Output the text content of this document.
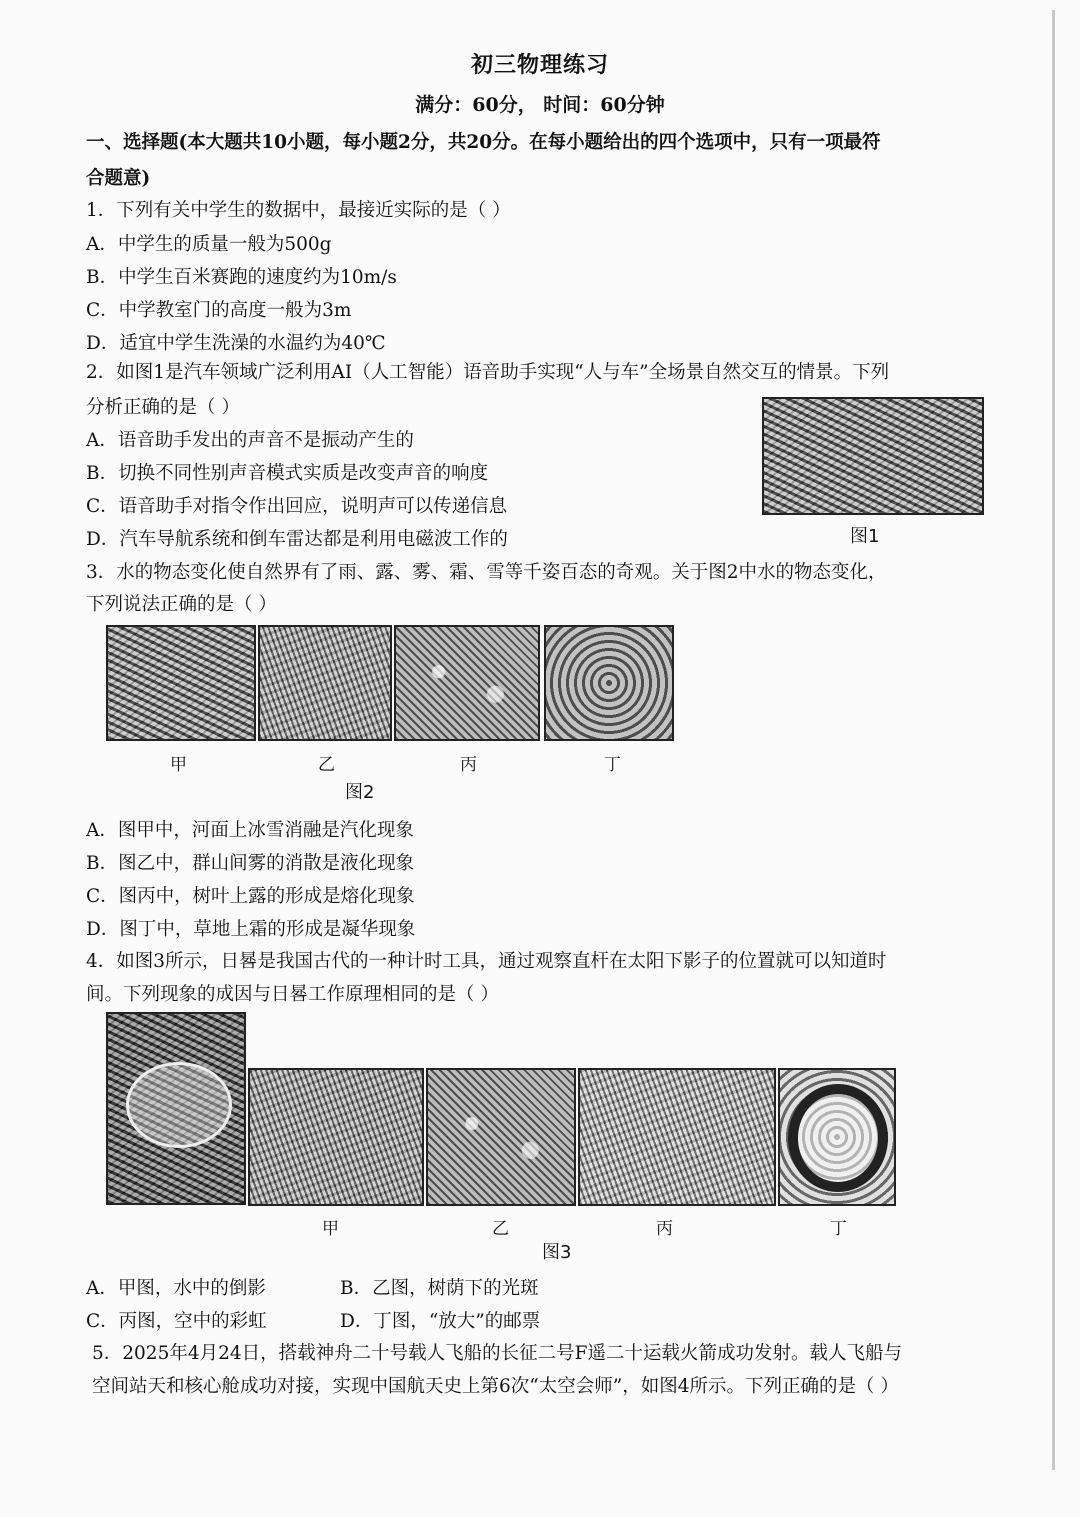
初三物理练习
满分：60分， 时间：60分钟
一、选择题(本大题共10小题，每小题2分，共20分。在每小题给出的四个选项中，只有一项最符
合题意)
1．下列有关中学生的数据中，最接近实际的是（ ）
A．中学生的质量一般为500g
B．中学生百米赛跑的速度约为10m/s
C．中学教室门的高度一般为3m
D．适宜中学生洗澡的水温约为40℃
2．如图1是汽车领域广泛利用AI（人工智能）语音助手实现“人与车”全场景自然交互的情景。下列
分析正确的是（ ）
A．语音助手发出的声音不是振动产生的
B．切换不同性别声音模式实质是改变声音的响度
C．语音助手对指令作出回应，说明声可以传递信息
D．汽车导航系统和倒车雷达都是利用电磁波工作的	图1
3．水的物态变化使自然界有了雨、露、雾、霜、雪等千姿百态的奇观。关于图2中水的物态变化，
下列说法正确的是（ ）
甲	乙	丙	丁
图2
A．图甲中，河面上冰雪消融是汽化现象
B．图乙中，群山间雾的消散是液化现象
C．图丙中，树叶上露的形成是熔化现象
D．图丁中，草地上霜的形成是凝华现象
4．如图3所示，日晷是我国古代的一种计时工具，通过观察直杆在太阳下影子的位置就可以知道时
间。下列现象的成因与日晷工作原理相同的是（ ）
甲	乙	丙	丁
图3
A．甲图，水中的倒影	B．乙图，树荫下的光斑
C．丙图，空中的彩虹	D．丁图，“放大”的邮票
5．2025年4月24日，搭载神舟二十号载人飞船的长征二号F遥二十运载火箭成功发射。载人飞船与
空间站天和核心舱成功对接，实现中国航天史上第6次“太空会师”，如图4所示。下列正确的是（ ）
